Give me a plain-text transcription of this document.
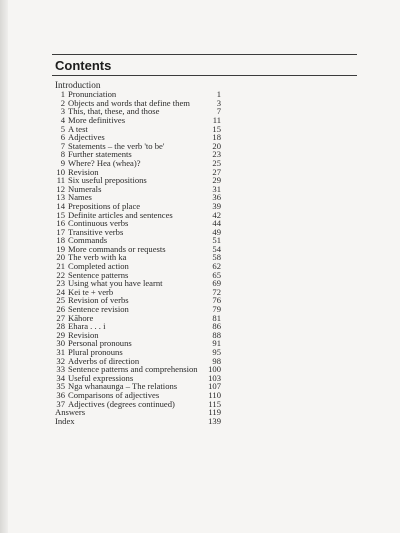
Contents
Introduction
1 Pronunciation	1
2 Objects and words that define them	3
3 This, that, these, and those	7
4 More definitives	11
5 A test	15
6 Adjectives	18
7 Statements – the verb 'to be'	20
8 Further statements	23
9 Where? Hea (whea)?	25
10 Revision	27
11 Six useful prepositions	29
12 Numerals	31
13 Names	36
14 Prepositions of place	39
15 Definite articles and sentences	42
16 Continuous verbs	44
17 Transitive verbs	49
18 Commands	51
19 More commands or requests	54
20 The verb with ka	58
21 Completed action	62
22 Sentence patterns	65
23 Using what you have learnt	69
24 Kei te + verb	72
25 Revision of verbs	76
26 Sentence revision	79
27 Kāhore	81
28 Ehara . . . i	86
29 Revision	88
30 Personal pronouns	91
31 Plural pronouns	95
32 Adverbs of direction	98
33 Sentence patterns and comprehension	100
34 Useful expressions	103
35 Nga whanaunga – The relations	107
36 Comparisons of adjectives	110
37 Adjectives (degrees continued)	115
Answers	119
Index	139
